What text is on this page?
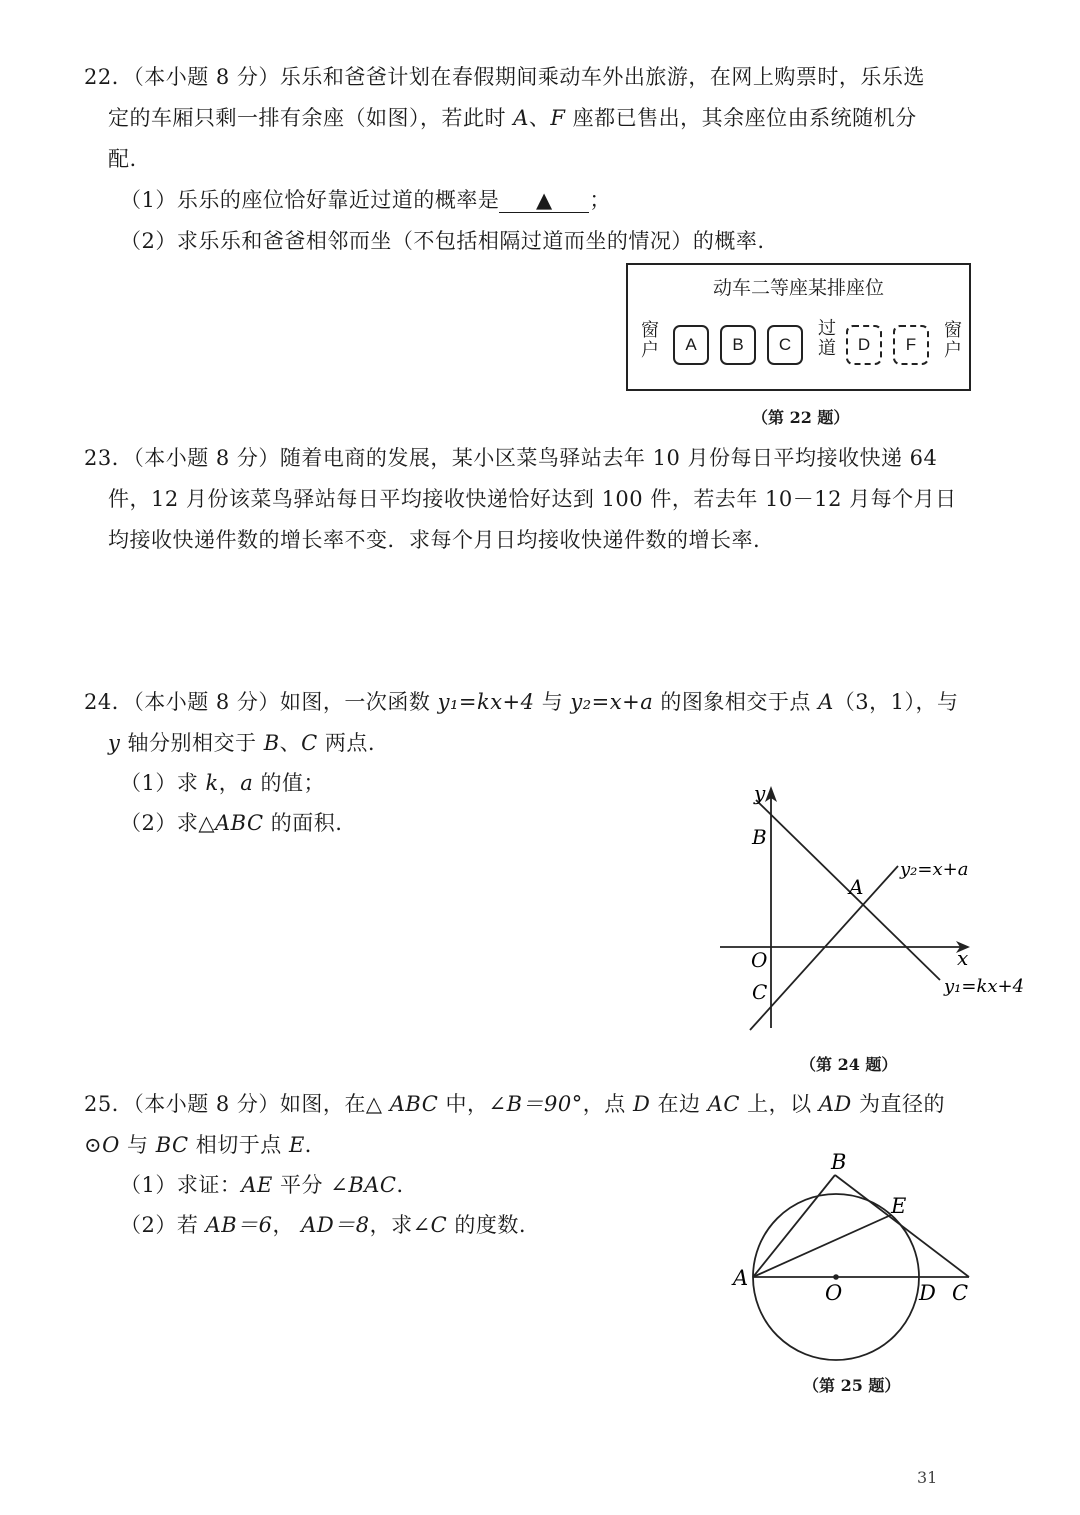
22．（本小题 8 分）乐乐和爸爸计划在春假期间乘动车外出旅游，在网上购票时，乐乐选
定的车厢只剩一排有余座（如图），若此时 A、F 座都已售出，其余座位由系统随机分
配.
（1）乐乐的座位恰好靠近过道的概率是 ▲ ；
（2）求乐乐和爸爸相邻而坐（不包括相隔过道而坐的情况）的概率.
动车二等座某排座位
窗
户	A	B	C
过
道	D	F
窗
户
（第 22 题）
23．（本小题 8 分）随着电商的发展，某小区菜鸟驿站去年 10 月份每日平均接收快递 64
件，12 月份该菜鸟驿站每日平均接收快递恰好达到 100 件，若去年 10－12 月每个月日
均接收快递件数的增长率不变．求每个月日均接收快递件数的增长率.
24．（本小题 8 分）如图，一次函数 y₁=kx+4 与 y₂=x+a 的图象相交于点 A（3，1），与
y 轴分别相交于 B、C 两点.
（1）求 k，a 的值；
（2）求△ABC 的面积.
y
x
O
B
C
A
y₂=x+a
y₁=kx+4
（第 24 题）
25．（本小题 8 分）如图，在△ ABC 中，∠B＝90°，点 D 在边 AC 上，以 AD 为直径的
⊙O 与 BC 相切于点 E．
（1）求证：AE 平分 ∠BAC．
（2）若 AB＝6， AD＝8，求∠C 的度数.
A
B
E
O	D C
（第 25 题）
31
